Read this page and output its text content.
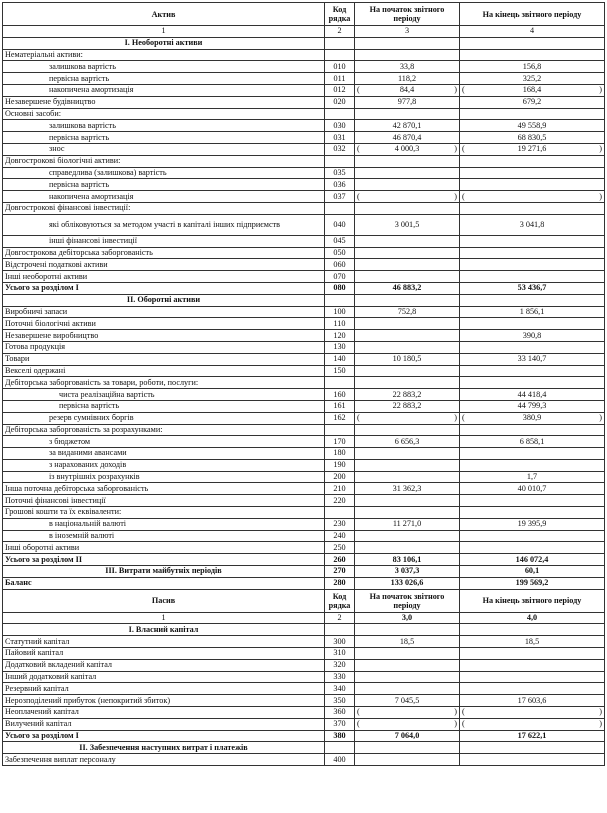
Актив	Код рядка	На початок звітного періоду	На кінець звітного періоду
1	2	3	4
I. Необоротні активи			
Нематеріальні активи:			
залишкова вартість	010	33,8	156,8
первісна вартість	011	118,2	325,2
накопичена амортизація	012	( 84,4 )	( 168,4 )

Незавершене будівництво	020	977,8	679,2
Основні засоби:			
залишкова вартість	030	42 870,1	49 558,9
первісна вартість	031	46 870,4	68 830,5
знос	032	( 4 000,3 )	( 19 271,6 )

Довгострокові біологічні активи:			
справедлива (залишкова) вартість	035		
первісна вартість	036		
накопичена амортизація	037	( )	( )

Довгострокові фінансові інвестиції:			
які обліковуються за методом участі в капіталі інших підприємств	040	3 001,5	3 041,8
інші фінансові інвестиції	045		
Довгострокова дебіторська заборгованість	050		
Відстрочені податкові активи	060		
Інші необоротні активи	070		
Усього за розділом I	080	46 883,2	53 436,7
II. Оборотні активи			
Виробничі запаси	100	752,8	1 856,1
Поточні біологічні активи	110		
Незавершене виробництво	120		390,8
Готова продукція	130		
Товари	140	10 180,5	33 140,7
Векселі одержані	150		
Дебіторська заборгованість за товари, роботи, послуги:			
чиста реалізаційна вартість	160	22 883,2	44 418,4
первісна вартість	161	22 883,2	44 799,3
резерв сумнівних боргів	162	( )	( 380,9 )

Дебіторська заборгованість за розрахунками:			
з бюджетом	170	6 656,3	6 858,1
за виданими авансами	180		
з нарахованих доходів	190		
із внутрішніх розрахунків	200		1,7
Інша поточна дебіторська заборгованість	210	31 362,3	40 010,7
Поточні фінансові інвестиції	220		
Грошові кошти та їх еквіваленти:			
в національній валюті	230	11 271,0	19 395,9
в іноземній валюті	240		
Інші оборотні активи	250		
Усього за розділом II	260	83 106,1	146 072,4
III. Витрати майбутніх періодів	270	3 037,3	60,1
Баланс	280	133 026,6	199 569,2
Пасив	Код рядка	На початок звітного періоду	На кінець звітного періоду
1	2	3,0	4,0
I. Власний капітал			
Статутний капітал	300	18,5	18,5
Пайовий капітал	310		
Додатковий вкладений капітал	320		
Інший додатковий капітал	330		
Резервний капітал	340		
Нерозподілений прибуток (непокритий збиток)	350	7 045,5	17 603,6
Неоплачений капітал	360	( )	( )

Вилучений капітал	370	( )	( )

Усього за розділом I	380	7 064,0	17 622,1
II. Забезпечення наступних витрат і платежів			
Забезпечення виплат персоналу	400		
